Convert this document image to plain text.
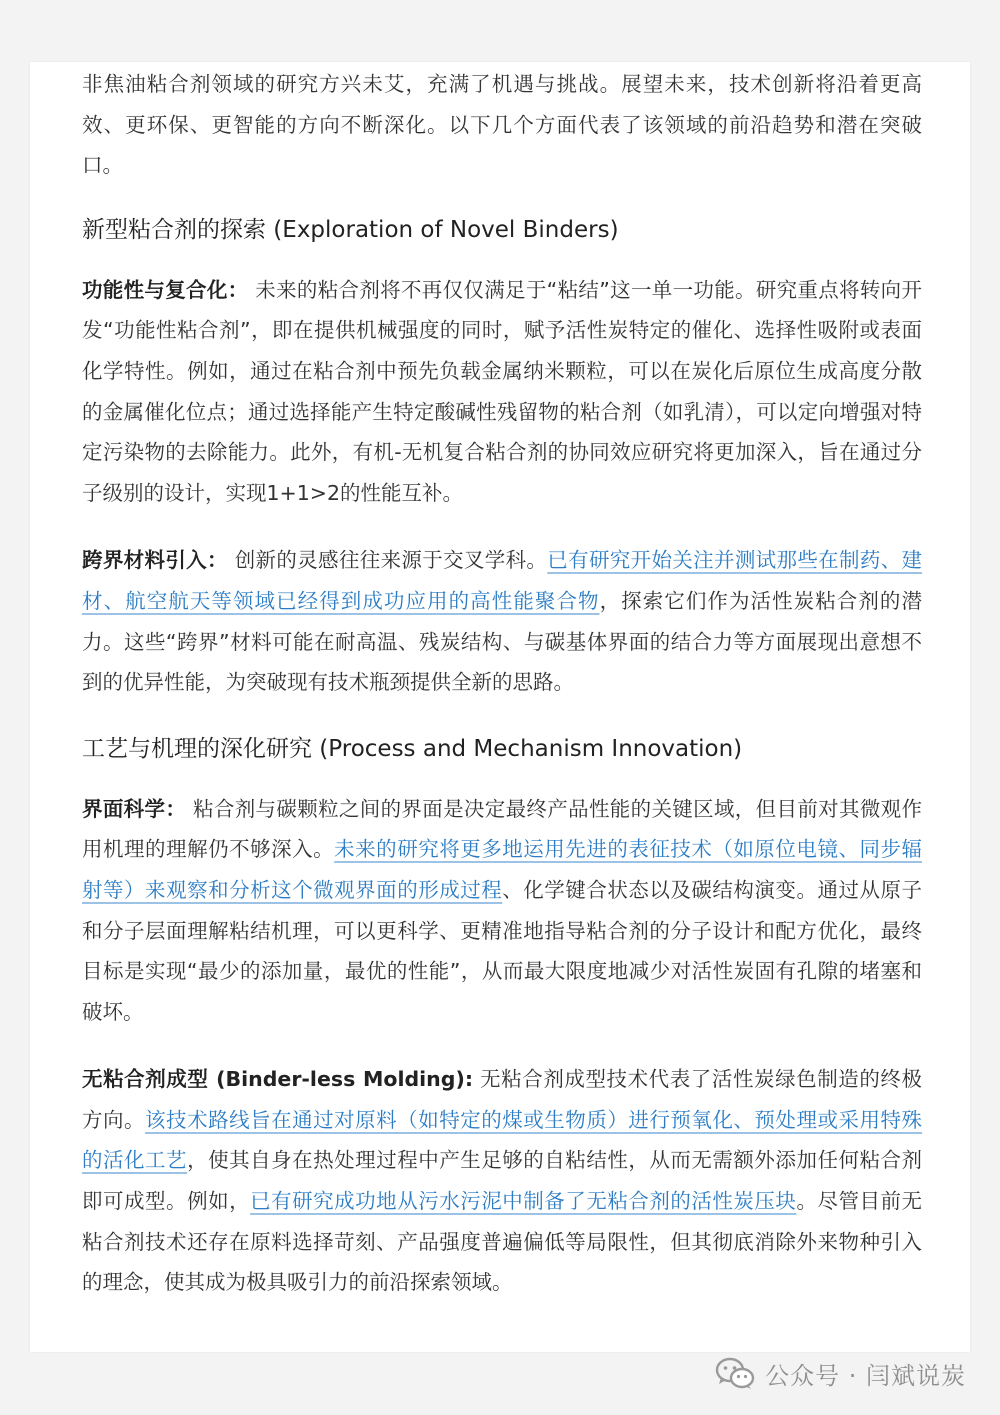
非焦油粘合剂领域的研究方兴未艾，充满了机遇与挑战。展望未来，技术创新将沿着更高效、更环保、更智能的方向不断深化。以下几个方面代表了该领域的前沿趋势和潜在突破口。

新型粘合剂的探索 (Exploration of Novel Binders)

功能性与复合化： 未来的粘合剂将不再仅仅满足于“粘结”这一单一功能。研究重点将转向开发“功能性粘合剂”，即在提供机械强度的同时，赋予活性炭特定的催化、选择性吸附或表面化学特性。例如，通过在粘合剂中预先负载金属纳米颗粒，可以在炭化后原位生成高度分散的金属催化位点；通过选择能产生特定酸碱性残留物的粘合剂（如乳清），可以定向增强对特定污染物的去除能力。此外，有机-无机复合粘合剂的协同效应研究将更加深入，旨在通过分子级别的设计，实现1+1>2的性能互补。

跨界材料引入： 创新的灵感往往来源于交叉学科。已有研究开始关注并测试那些在制药、建材、航空航天等领域已经得到成功应用的高性能聚合物，探索它们作为活性炭粘合剂的潜力。这些“跨界”材料可能在耐高温、残炭结构、与碳基体界面的结合力等方面展现出意想不到的优异性能，为突破现有技术瓶颈提供全新的思路。

工艺与机理的深化研究 (Process and Mechanism Innovation)

界面科学： 粘合剂与碳颗粒之间的界面是决定最终产品性能的关键区域，但目前对其微观作用机理的理解仍不够深入。未来的研究将更多地运用先进的表征技术（如原位电镜、同步辐射等）来观察和分析这个微观界面的形成过程、化学键合状态以及碳结构演变。通过从原子和分子层面理解粘结机理，可以更科学、更精准地指导粘合剂的分子设计和配方优化，最终目标是实现“最少的添加量，最优的性能”，从而最大限度地减少对活性炭固有孔隙的堵塞和破坏。

无粘合剂成型 (Binder-less Molding): 无粘合剂成型技术代表了活性炭绿色制造的终极方向。该技术路线旨在通过对原料（如特定的煤或生物质）进行预氧化、预处理或采用特殊的活化工艺，使其自身在热处理过程中产生足够的自粘结性，从而无需额外添加任何粘合剂即可成型。例如，已有研究成功地从污水污泥中制备了无粘合剂的活性炭压块。尽管目前无粘合剂技术还存在原料选择苛刻、产品强度普遍偏低等局限性，但其彻底消除外来物种引入的理念，使其成为极具吸引力的前沿探索领域。

公众号 · 闫斌说炭
